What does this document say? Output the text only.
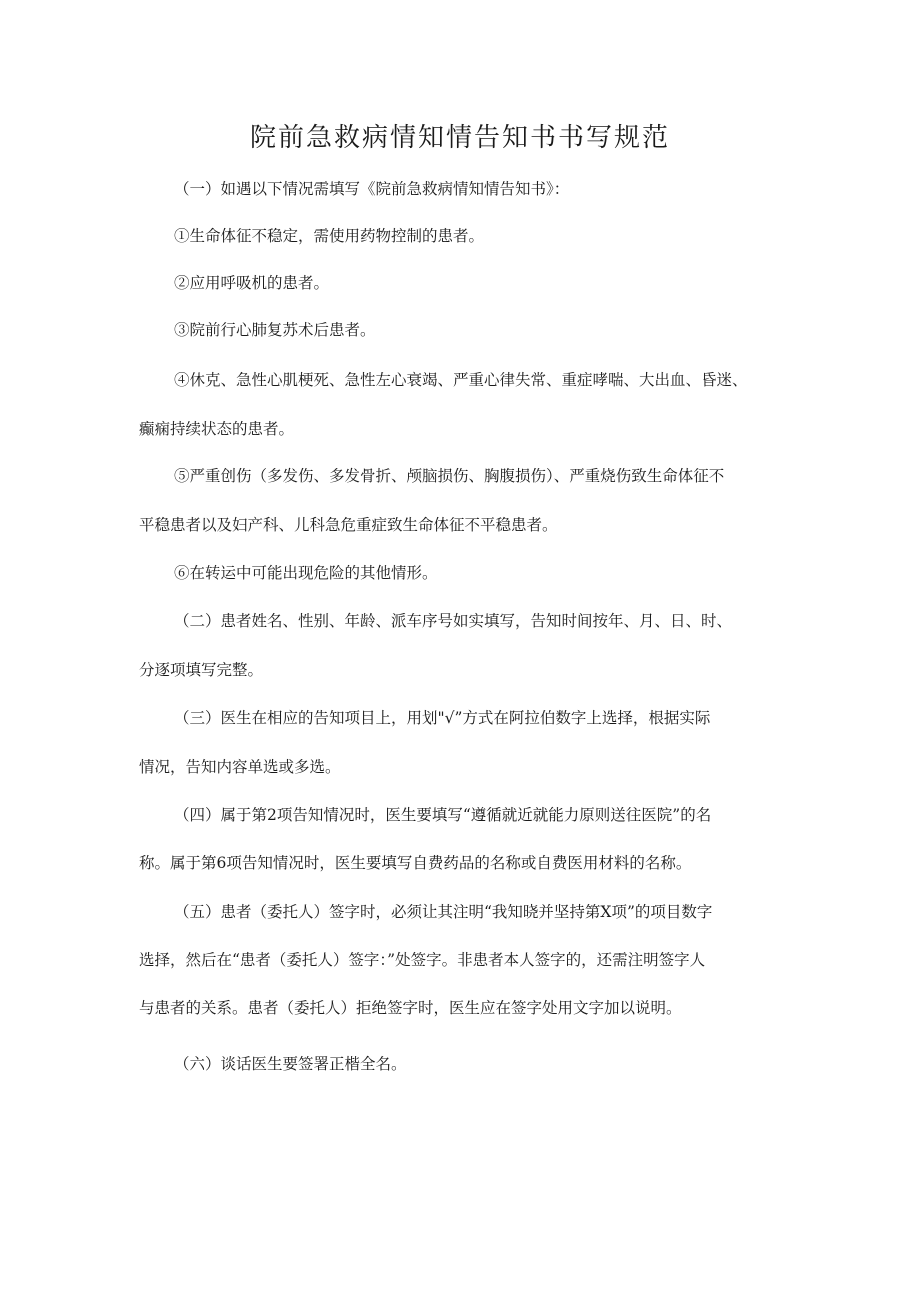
院前急救病情知情告知书书写规范

（一）如遇以下情况需填写《院前急救病情知情告知书》：

①生命体征不稳定，需使用药物控制的患者。

②应用呼吸机的患者。

③院前行心肺复苏术后患者。

④休克、急性心肌梗死、急性左心衰竭、严重心律失常、重症哮喘、大出血、昏迷、

癫痫持续状态的患者。

⑤严重创伤（多发伤、多发骨折、颅脑损伤、胸腹损伤）、严重烧伤致生命体征不

平稳患者以及妇产科、儿科急危重症致生命体征不平稳患者。

⑥在转运中可能出现危险的其他情形。

（二）患者姓名、性别、年龄、派车序号如实填写，告知时间按年、月、日、时、

分逐项填写完整。

（三）医生在相应的告知项目上，用划"√”方式在阿拉伯数字上选择，根据实际

情况，告知内容单选或多选。

（四）属于第2项告知情况时，医生要填写“遵循就近就能力原则送往医院”的名

称。属于第6项告知情况时，医生要填写自费药品的名称或自费医用材料的名称。

（五）患者（委托人）签字时，必须让其注明“我知晓并坚持第X项”的项目数字

选择，然后在“患者（委托人）签字：”处签字。非患者本人签字的，还需注明签字人

与患者的关系。患者（委托人）拒绝签字时，医生应在签字处用文字加以说明。

（六）谈话医生要签署正楷全名。
